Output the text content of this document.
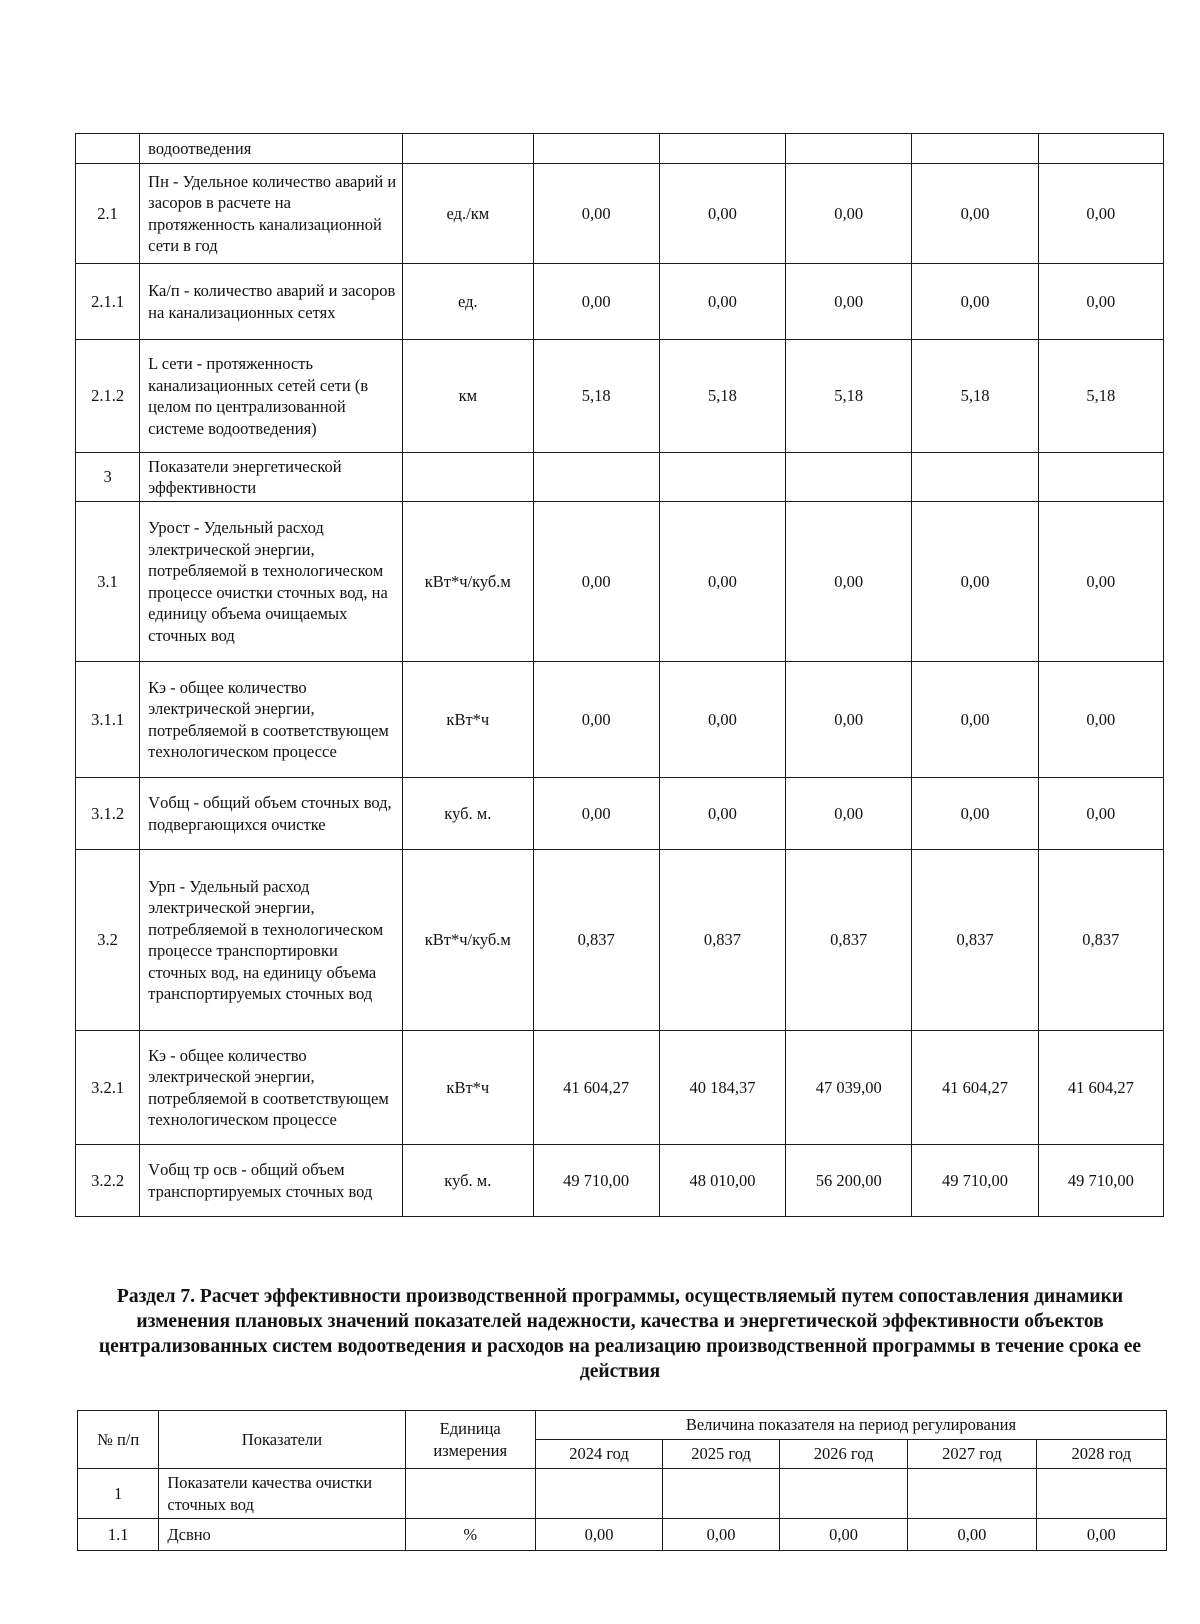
	водоотведения						
2.1	Пн - Удельное количество аварий и засоров в расчете на протяженность канализационной сети в год	ед./км	0,00	0,00	0,00	0,00	0,00
2.1.1	Ка/п - количество аварий и засоров на канализационных сетях	ед.	0,00	0,00	0,00	0,00	0,00
2.1.2	L сети - протяженность канализационных сетей сети (в целом по централизованной системе водоотведения)	км	5,18	5,18	5,18	5,18	5,18
3	Показатели энергетической эффективности						
3.1	Урост - Удельный расход электрической энергии, потребляемой в технологическом процессе очистки сточных вод, на единицу объема очищаемых сточных вод	кВт*ч/куб.м	0,00	0,00	0,00	0,00	0,00
3.1.1	Кэ - общее количество электрической энергии, потребляемой в соответствующем технологическом процессе	кВт*ч	0,00	0,00	0,00	0,00	0,00
3.1.2	Vобщ - общий объем сточных вод, подвергающихся очистке	куб. м.	0,00	0,00	0,00	0,00	0,00
3.2	Урп - Удельный расход электрической энергии, потребляемой в технологическом процессе транспортировки сточных вод, на единицу объема транспортируемых сточных вод	кВт*ч/куб.м	0,837	0,837	0,837	0,837	0,837
3.2.1	Кэ - общее количество электрической энергии, потребляемой в соответствующем технологическом процессе	кВт*ч	41 604,27	40 184,37	47 039,00	41 604,27	41 604,27
3.2.2	Vобщ тр осв - общий объем транспортируемых сточных вод	куб. м.	49 710,00	48 010,00	56 200,00	49 710,00	49 710,00
Раздел 7. Расчет эффективности производственной программы, осуществляемый путем сопоставления динамики изменения плановых значений показателей надежности, качества и энергетической эффективности объектов централизованных систем водоотведения и расходов на реализацию производственной программы в течение срока ее действия
№ п/п	Показатели	Единица измерения	Величина показателя на период регулирования				
			2024 год	2025 год	2026 год	2027 год	2028 год
1	Показатели качества очистки сточных вод						
1.1	Дсвно	%	0,00	0,00	0,00	0,00	0,00
